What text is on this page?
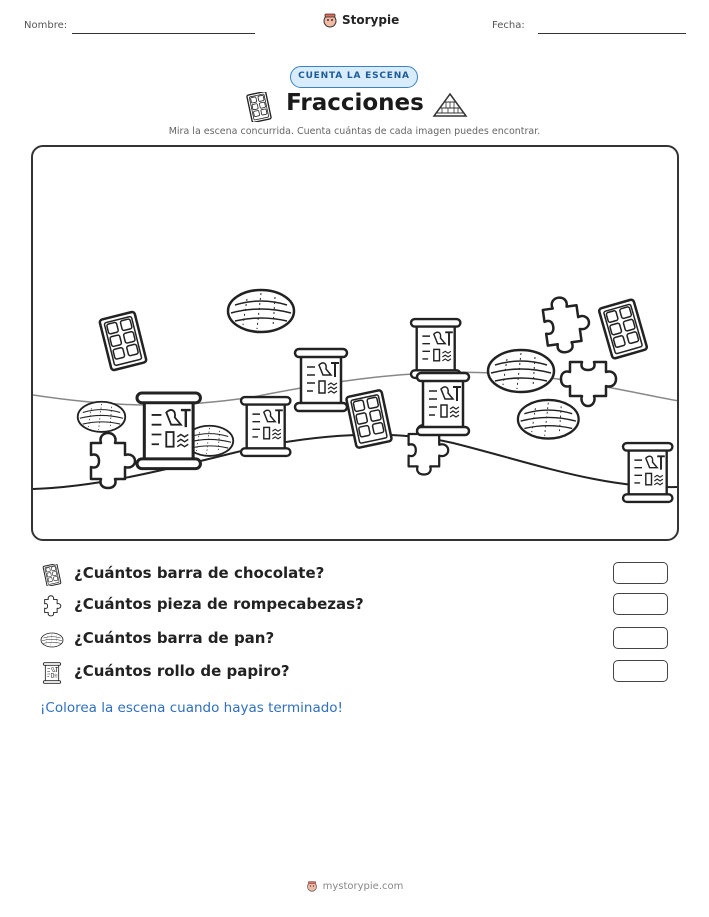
Nombre:	Storypie	Fecha:
CUENTA LA ESCENA
Fracciones
Mira la escena concurrida. Cuenta cuántas de cada imagen puedes encontrar.
¿Cuántos barra de chocolate?
¿Cuántos pieza de rompecabezas?
¿Cuántos barra de pan?
¿Cuántos rollo de papiro?
¡Colorea la escena cuando hayas terminado!
mystorypie.com
